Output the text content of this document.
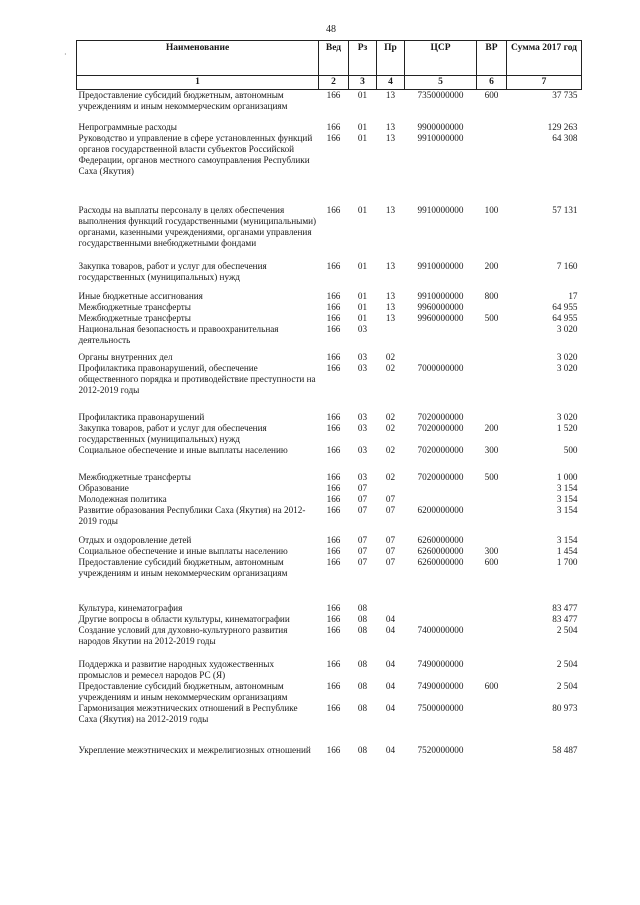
48
·
Наименование	Вед	Рз	Пр	ЦСР	ВР	Сумма 2017 год
1	2	3	4	5	6	7
Предоставление субсидий бюджетным, автономным учреждениям и иным некоммерческим организациям	166	01	13	7350000000	600	37 735
Непрограммные расходы	166	01	13	9900000000		129 263
Руководство и управление в сфере установленных функций органов государственной власти субъектов Российской Федерации, органов местного самоуправления Республики Саха (Якутия)	166	01	13	9910000000		64 308
Расходы на выплаты персоналу в целях обеспечения выполнения функций государственными (муниципальными) органами, казенными учреждениями, органами управления государственными внебюджетными фондами	166	01	13	9910000000	100	57 131
Закупка товаров, работ и услуг для обеспечения государственных (муниципальных) нужд	166	01	13	9910000000	200	7 160
Иные бюджетные ассигнования	166	01	13	9910000000	800	17
Межбюджетные трансферты	166	01	13	9960000000		64 955
Межбюджетные трансферты	166	01	13	9960000000	500	64 955
Национальная безопасность и правоохранительная деятельность	166	03				3 020
Органы внутренних дел	166	03	02			3 020
Профилактика правонарушений, обеспечение общественного порядка и противодействие преступности на 2012-2019 годы	166	03	02	7000000000		3 020
Профилактика правонарушений	166	03	02	7020000000		3 020
Закупка товаров, работ и услуг для обеспечения государственных (муниципальных) нужд	166	03	02	7020000000	200	1 520
Социальное обеспечение и иные выплаты населению	166	03	02	7020000000	300	500
Межбюджетные трансферты	166	03	02	7020000000	500	1 000
Образование	166	07				3 154
Молодежная политика	166	07	07			3 154
Развитие образования Республики Саха (Якутия) на 2012-2019 годы	166	07	07	6200000000		3 154
Отдых и оздоровление детей	166	07	07	6260000000		3 154
Социальное обеспечение и иные выплаты населению	166	07	07	6260000000	300	1 454
Предоставление субсидий бюджетным, автономным учреждениям и иным некоммерческим организациям	166	07	07	6260000000	600	1 700
Культура, кинематография	166	08				83 477
Другие вопросы в области культуры, кинематографии	166	08	04			83 477
Создание условий для духовно-культурного развития народов Якутии на 2012-2019 годы	166	08	04	7400000000		2 504
Поддержка и развитие народных художественных промыслов и ремесел народов РС (Я)	166	08	04	7490000000		2 504
Предоставление субсидий бюджетным, автономным учреждениям и иным некоммерческим организациям	166	08	04	7490000000	600	2 504
Гармонизация межэтнических отношений в Республике Саха (Якутия) на 2012-2019 годы	166	08	04	7500000000		80 973
Укрепление межэтнических и межрелигиозных отношений	166	08	04	7520000000		58 487
